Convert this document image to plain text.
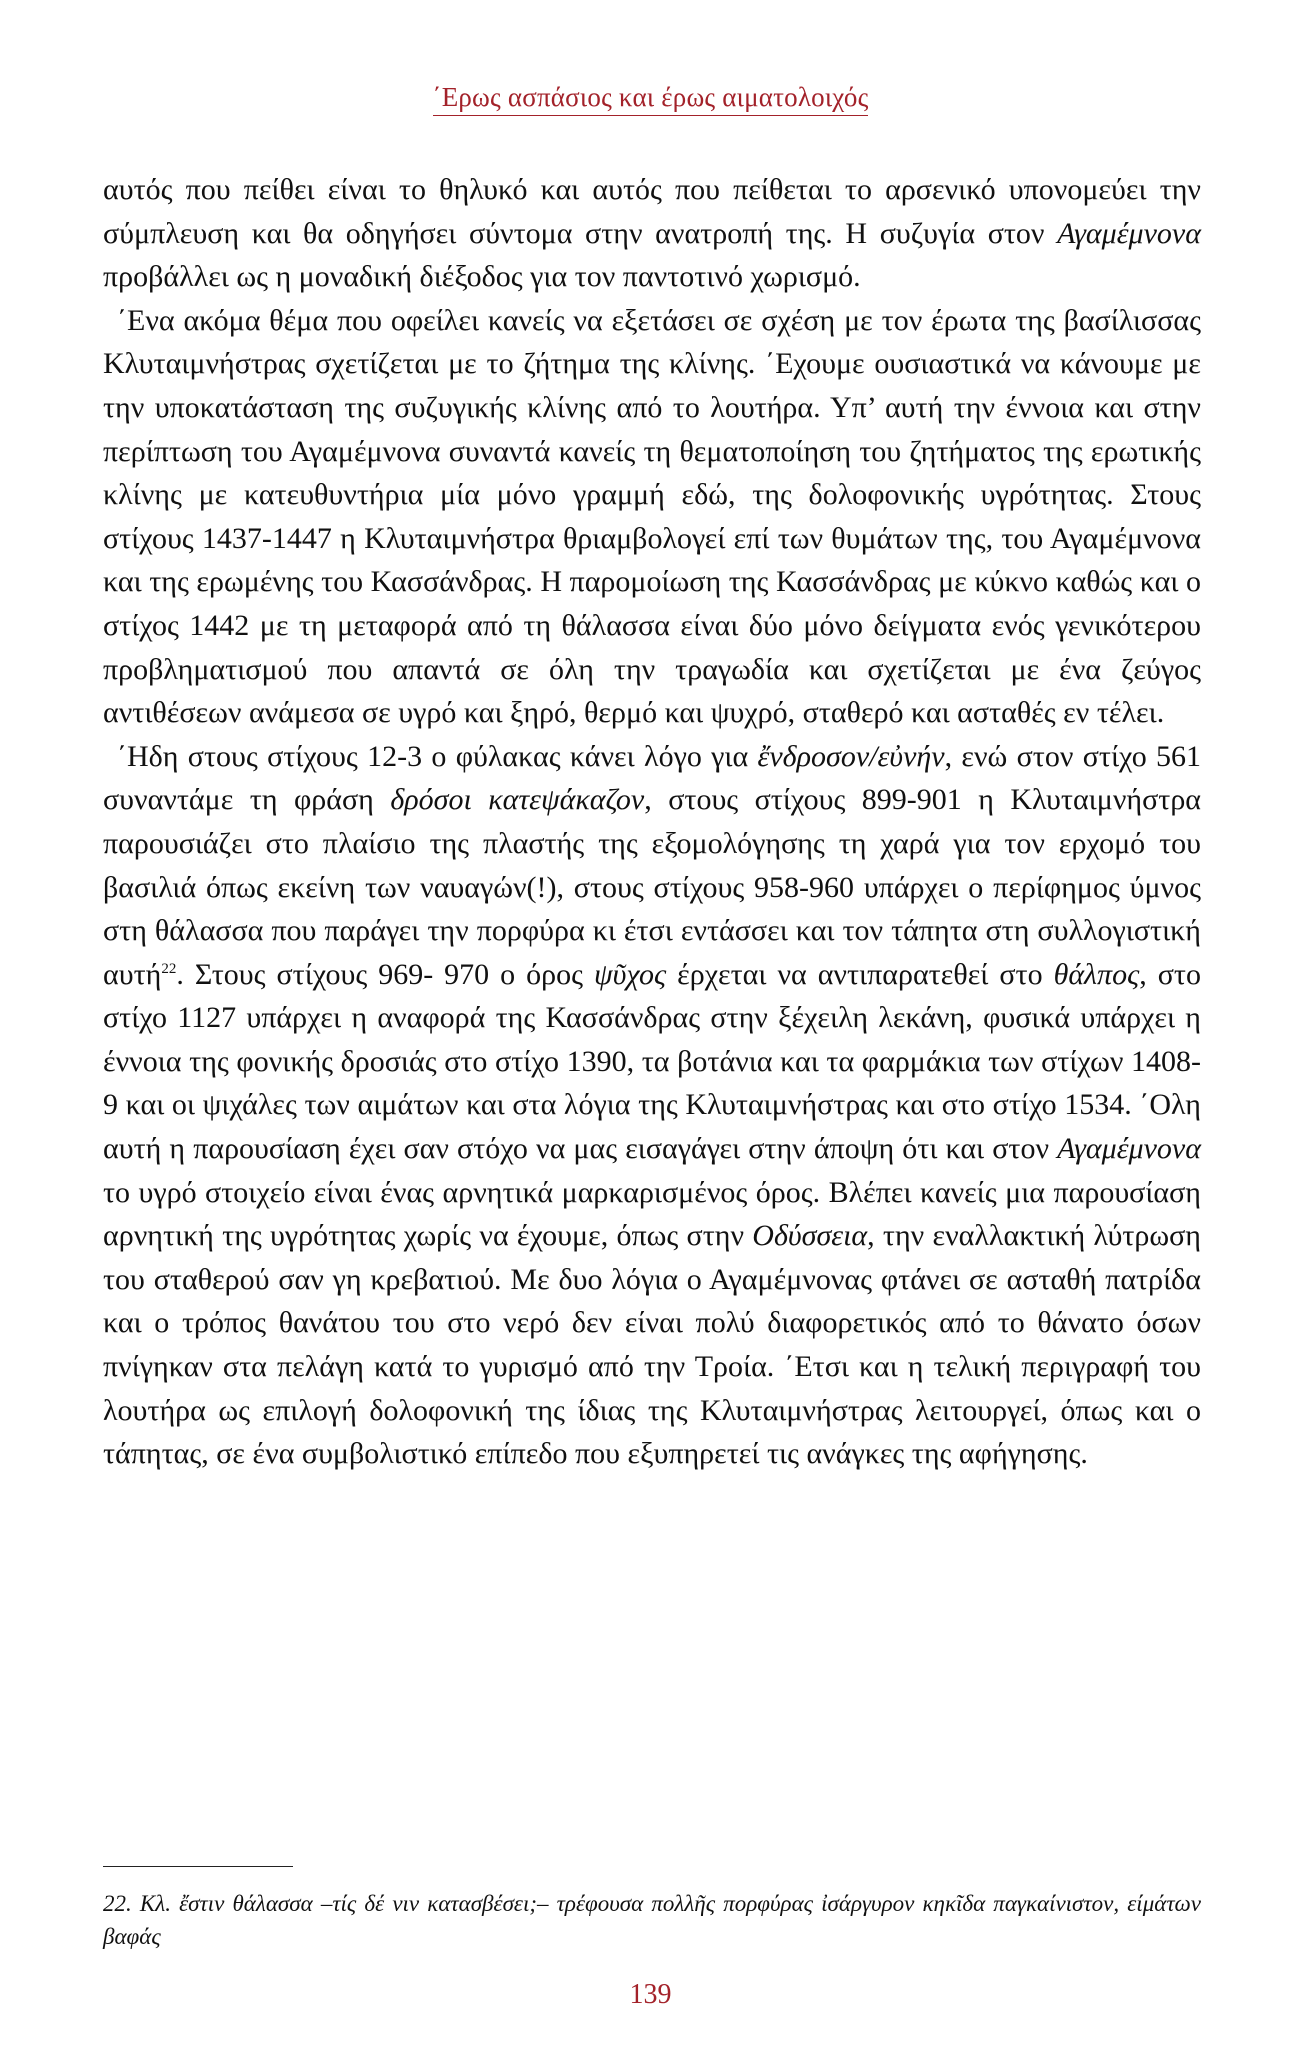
΄Ερως ασπάσιος και έρως αιματολοιχός

αυτός που πείθει είναι το θηλυκό και αυτός που πείθεται το αρσενικό υπονομεύει την σύμπλευση και θα οδηγήσει σύντομα στην ανατροπή της. Η συζυγία στον Αγαμέμνονα προβάλλει ως η μοναδική διέξοδος για τον παντοτινό χωρισμό.

΄Ενα ακόμα θέμα που οφείλει κανείς να εξετάσει σε σχέση με τον έρωτα της βασίλισσας Κλυταιμνήστρας σχετίζεται με το ζήτημα της κλίνης. ΄Εχουμε ουσιαστικά να κάνουμε με την υποκατάσταση της συζυγικής κλίνης από το λουτήρα. Υπ’ αυτή την έννοια και στην περίπτωση του Αγαμέμνονα συναντά κανείς τη θεματοποίηση του ζητήματος της ερωτικής κλίνης με κατευθυντήρια μία μόνο γραμμή εδώ, της δολοφονικής υγρότητας. Στους στίχους 1437-1447 η Κλυταιμνήστρα θριαμβολογεί επί των θυμάτων της, του Αγαμέμνονα και της ερωμένης του Κασσάνδρας. Η παρομοίωση της Κασσάνδρας με κύκνο καθώς και ο στίχος 1442 με τη μεταφορά από τη θάλασσα είναι δύο μόνο δείγματα ενός γενικότερου προβληματισμού που απαντά σε όλη την τραγωδία και σχετίζεται με ένα ζεύγος αντιθέσεων ανάμεσα σε υγρό και ξηρό, θερμό και ψυχρό, σταθερό και ασταθές εν τέλει.

΄Ηδη στους στίχους 12-3 ο φύλακας κάνει λόγο για ἔνδροσον/εὐνήν, ενώ στον στίχο 561 συναντάμε τη φράση δρόσοι κατεψάκαζον, στους στίχους 899-901 η Κλυταιμνήστρα παρουσιάζει στο πλαίσιο της πλαστής της εξομολόγησης τη χαρά για τον ερχομό του βασιλιά όπως εκείνη των ναυαγών(!), στους στίχους 958-960 υπάρχει ο περίφημος ύμνος στη θάλασσα που παράγει την πορφύρα κι έτσι εντάσσει και τον τάπητα στη συλλογιστική αυτή$^{22}$. Στους στίχους 969- 970 ο όρος ψῦχος έρχεται να αντιπαρατεθεί στο θάλπος, στο στίχο 1127 υπάρχει η αναφορά της Κασσάνδρας στην ξέχειλη λεκάνη, φυσικά υπάρχει η έννοια της φονικής δροσιάς στο στίχο 1390, τα βοτάνια και τα φαρμάκια των στίχων 1408-9 και οι ψιχάλες των αιμάτων και στα λόγια της Κλυταιμνήστρας και στο στίχο 1534. ΄Ολη αυτή η παρουσίαση έχει σαν στόχο να μας εισαγάγει στην άποψη ότι και στον Αγαμέμνονα το υγρό στοιχείο είναι ένας αρνητικά μαρκαρισμένος όρος. Βλέπει κανείς μια παρουσίαση αρνητική της υγρότητας χωρίς να έχουμε, όπως στην Οδύσσεια, την εναλλακτική λύτρωση του σταθερού σαν γη κρεβατιού. Με δυο λόγια ο Αγαμέμνονας φτάνει σε ασταθή πατρίδα και ο τρόπος θανάτου του στο νερό δεν είναι πολύ διαφορετικός από το θάνατο όσων πνίγηκαν στα πελάγη κατά το γυρισμό από την Τροία. ΄Ετσι και η τελική περιγραφή του λουτήρα ως επιλογή δολοφονική της ίδιας της Κλυταιμνήστρας λειτουργεί, όπως και ο τάπητας, σε ένα συμβολιστικό επίπεδο που εξυπηρετεί τις ανάγκες της αφήγησης.

22. Κλ. ἔστιν θάλασσα –τίς δέ νιν κατασβέσει;– τρέφουσα πολλῆς πορφύρας ἰσάργυρον κηκῖδα παγκαίνιστον, είμάτων βαφάς
139
